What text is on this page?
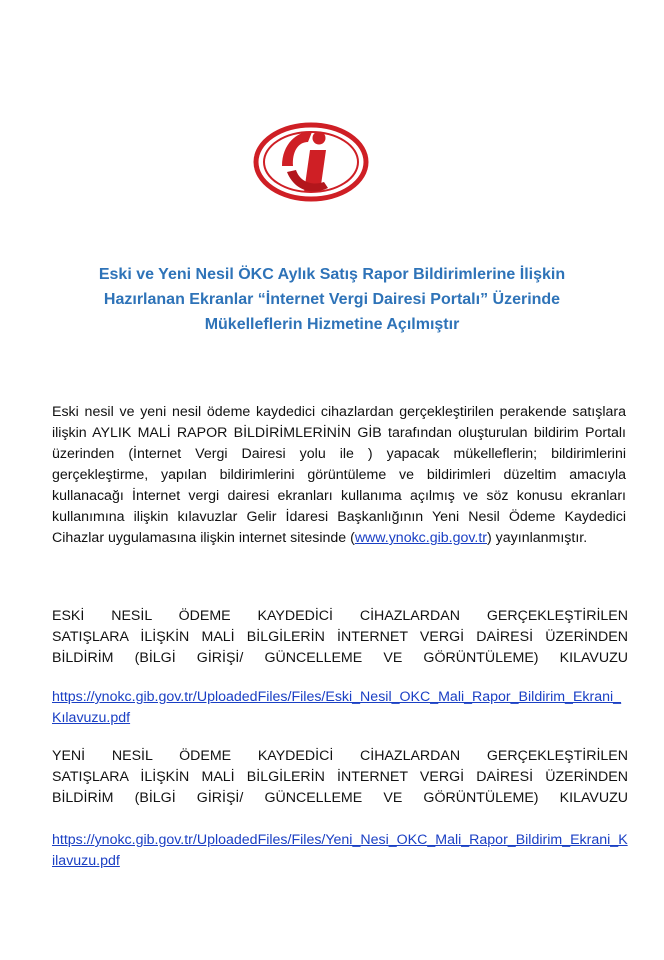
Eski ve Yeni Nesil ÖKC Aylık Satış Rapor Bildirimlerine İlişkin
Hazırlanan Ekranlar “İnternet Vergi Dairesi Portalı” Üzerinde
Mükelleflerin Hizmetine Açılmıştır
Eski nesil ve yeni nesil ödeme kaydedici cihazlardan gerçekleştirilen perakende satışlara ilişkin AYLIK MALİ RAPOR BİLDİRİMLERİNİN GİB tarafından oluşturulan bildirim Portalı üzerinden (İnternet Vergi Dairesi yolu ile ) yapacak mükelleflerin; bildirimlerini gerçekleştirme, yapılan bildirimlerini görüntüleme ve bildirimleri düzeltim amacıyla kullanacağı İnternet vergi dairesi ekranları kullanıma açılmış ve söz konusu ekranları kullanımına ilişkin kılavuzlar Gelir İdaresi Başkanlığının Yeni Nesil Ödeme Kaydedici Cihazlar uygulamasına ilişkin internet sitesinde (www.ynokc.gib.gov.tr) yayınlanmıştır.
ESKİ NESİL ÖDEME KAYDEDİCİ CİHAZLARDAN GERÇEKLEŞTİRİLEN
SATIŞLARA İLİŞKİN MALİ BİLGİLERİN İNTERNET VERGİ DAİRESİ ÜZERİNDEN
BİLDİRİM (BİLGİ GİRİŞİ/ GÜNCELLEME VE GÖRÜNTÜLEME) KILAVUZU
https://ynokc.gib.gov.tr/UploadedFiles/Files/Eski_Nesil_OKC_Mali_Rapor_Bildirim_Ekrani_Kılavuzu.pdf
YENİ NESİL ÖDEME KAYDEDİCİ CİHAZLARDAN GERÇEKLEŞTİRİLEN
SATIŞLARA İLİŞKİN MALİ BİLGİLERİN İNTERNET VERGİ DAİRESİ ÜZERİNDEN
BİLDİRİM (BİLGİ GİRİŞİ/ GÜNCELLEME VE GÖRÜNTÜLEME) KILAVUZU
https://ynokc.gib.gov.tr/UploadedFiles/Files/Yeni_Nesi_OKC_Mali_Rapor_Bildirim_Ekrani_Kilavuzu.pdf
